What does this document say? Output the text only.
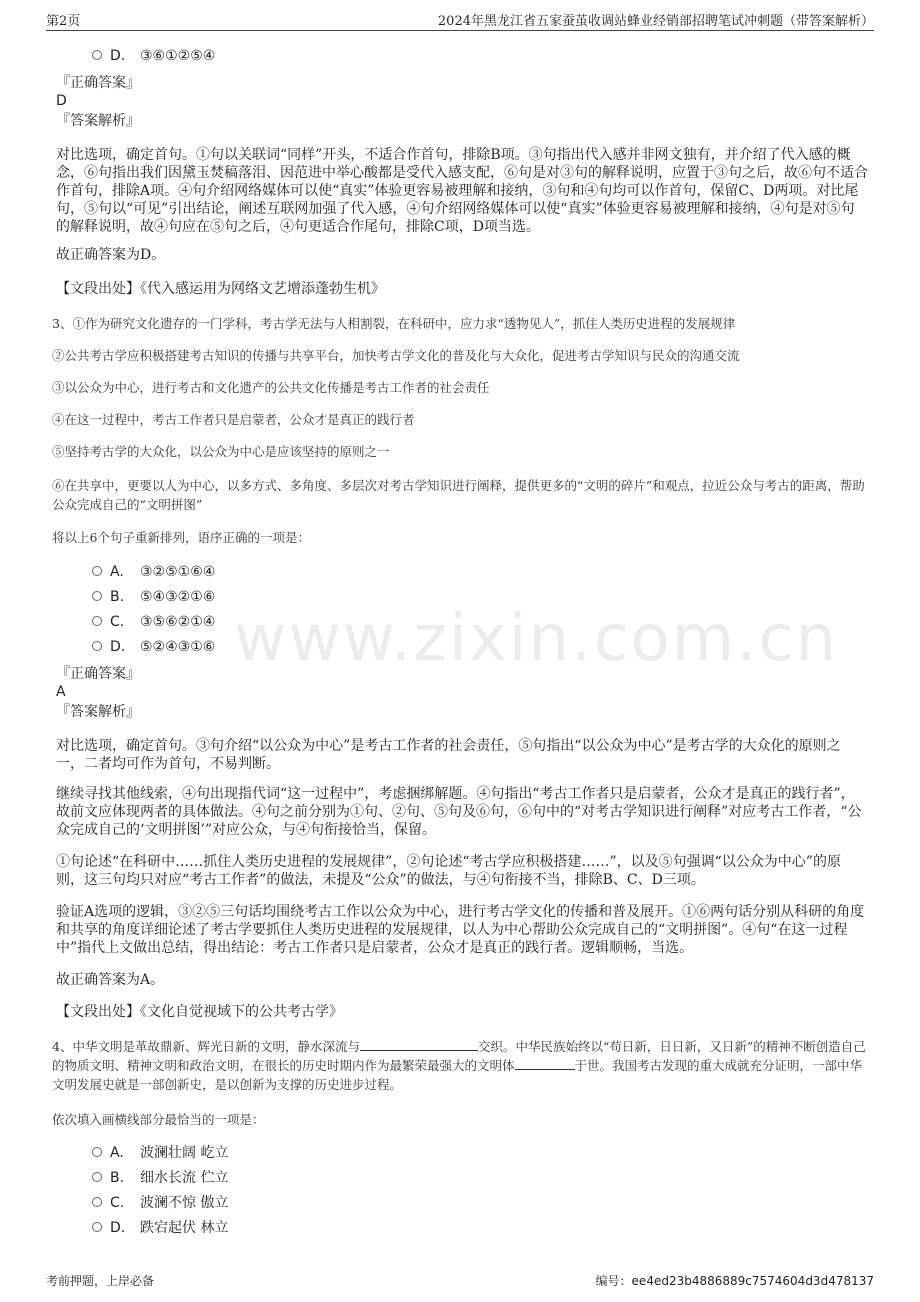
第2页	2024年黑龙江省五家蚕茧收调站蜂业经销部招聘笔试冲刺题（带答案解析）
www.zixin.com.cn
D. ③⑥①②⑤④
『正确答案』
D
『答案解析』
对比选项，确定首句。①句以关联词“同样”开头，不适合作首句，排除B项。③句指出代入感并非网文独有，并介绍了代入感的概念，⑥句指出我们因黛玉焚稿落泪、因范进中举心酸都是受代入感支配，⑥句是对③句的解释说明，应置于③句之后，故⑥句不适合作首句，排除A项。④句介绍网络媒体可以使“真实”体验更容易被理解和接纳，③句和④句均可以作首句，保留C、D两项。对比尾句，⑤句以“可见”引出结论，阐述互联网加强了代入感，④句介绍网络媒体可以使“真实”体验更容易被理解和接纳，④句是对⑤句的解释说明，故④句应在⑤句之后，④句更适合作尾句，排除C项，D项当选。
故正确答案为D。
【文段出处】《代入感运用为网络文艺增添蓬勃生机》
3、①作为研究文化遗存的一门学科，考古学无法与人相割裂，在科研中，应力求“透物见人”，抓住人类历史进程的发展规律
②公共考古学应积极搭建考古知识的传播与共享平台，加快考古学文化的普及化与大众化，促进考古学知识与民众的沟通交流
③以公众为中心，进行考古和文化遗产的公共文化传播是考古工作者的社会责任
④在这一过程中，考古工作者只是启蒙者，公众才是真正的践行者
⑤坚持考古学的大众化，以公众为中心是应该坚持的原则之一
⑥在共享中，更要以人为中心，以多方式、多角度、多层次对考古学知识进行阐释，提供更多的“文明的碎片”和观点，拉近公众与考古的距离，帮助公众完成自己的“文明拼图”
将以上6个句子重新排列，语序正确的一项是：
A. ③②⑤①⑥④
B. ⑤④③②①⑥
C. ③⑤⑥②①④
D. ⑤②④③①⑥
『正确答案』
A
『答案解析』
对比选项，确定首句。③句介绍“以公众为中心”是考古工作者的社会责任，⑤句指出“以公众为中心”是考古学的大众化的原则之一，二者均可作为首句，不易判断。
继续寻找其他线索，④句出现指代词“这一过程中”，考虑捆绑解题。④句指出“考古工作者只是启蒙者，公众才是真正的践行者”，故前文应体现两者的具体做法。④句之前分别为①句、②句、⑤句及⑥句，⑥句中的“对考古学知识进行阐释”对应考古工作者，“公众完成自己的‘文明拼图’”对应公众，与④句衔接恰当，保留。
①句论述“在科研中……抓住人类历史进程的发展规律”，②句论述“考古学应积极搭建……”，以及⑤句强调“以公众为中心”的原则，这三句均只对应“考古工作者”的做法，未提及“公众”的做法，与④句衔接不当，排除B、C、D三项。
验证A选项的逻辑，③②⑤三句话均围绕考古工作以公众为中心，进行考古学文化的传播和普及展开。①⑥两句话分别从科研的角度和共享的角度详细论述了考古学要抓住人类历史进程的发展规律，以人为中心帮助公众完成自己的“文明拼图”。④句“在这一过程中”指代上文做出总结，得出结论：考古工作者只是启蒙者，公众才是真正的践行者。逻辑顺畅，当选。
故正确答案为A。
【文段出处】《文化自觉视域下的公共考古学》
4、中华文明是革故鼎新、辉光日新的文明，静水深流与	交织。中华民族始终以“苟日新，日日新，又日新”的精神不断创造自己的物质文明、精神文明和政治文明，在很长的历史时期内作为最繁荣最强大的文明体	于世。我国考古发现的重大成就充分证明，一部中华文明发展史就是一部创新史，是以创新为支撑的历史进步过程。
依次填入画横线部分最恰当的一项是：
A. 波澜壮阔 屹立
B. 细水长流 伫立
C. 波澜不惊 傲立
D. 跌宕起伏 林立
考前押题，上岸必备	编号：ee4ed23b4886889c7574604d3d478137
